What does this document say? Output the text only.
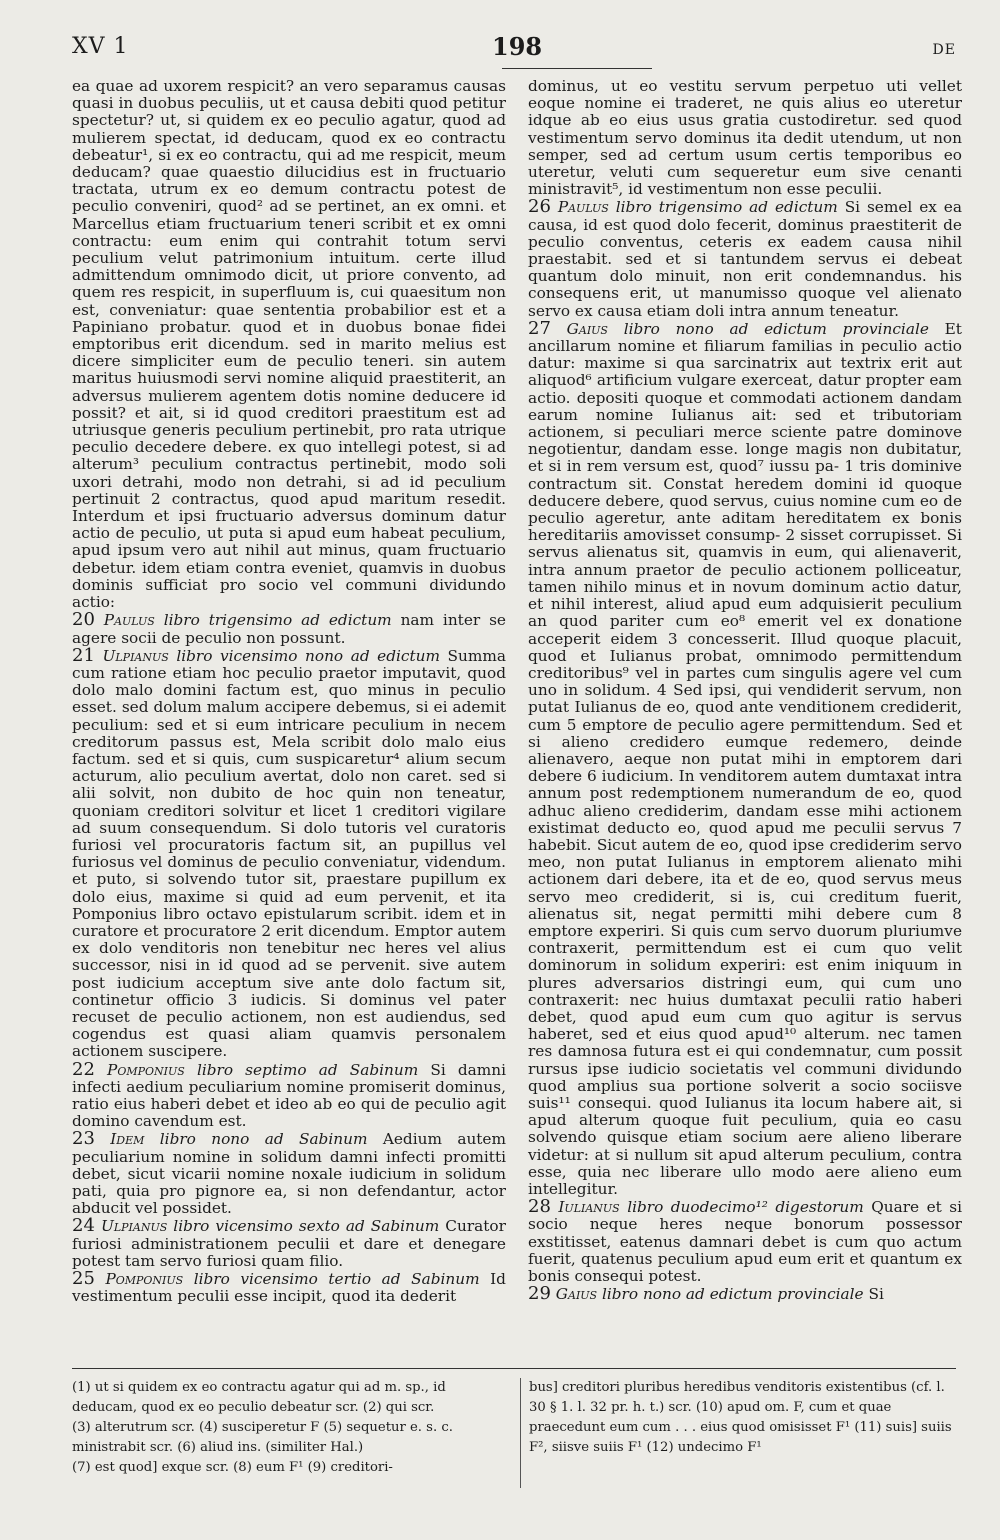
XV 1	198	DE

ea quae ad uxorem respicit? an vero separamus causas quasi in duobus peculiis, ut et causa debiti quod petitur spectetur? ut, si quidem ex eo peculio agatur, quod ad mulierem spectat, id deducam, quod ex eo contractu debeatur¹, si ex eo contractu, qui ad me respicit, meum deducam? quae quaestio dilucidius est in fructuario tractata, utrum ex eo demum contractu potest de peculio conveniri, quod² ad se pertinet, an ex omni. et Marcellus etiam fructuarium teneri scribit et ex omni contractu: eum enim qui contrahit totum servi peculium velut patrimonium intuitum. certe illud admittendum omnimodo dicit, ut priore convento, ad quem res respicit, in superfluum is, cui quaesitum non est, conveniatur: quae sententia probabilior est et a Papiniano probatur. quod et in duobus bonae fidei emptoribus erit dicendum. sed in marito melius est dicere simpliciter eum de peculio teneri. sin autem maritus huiusmodi servi nomine aliquid praestiterit, an adversus mulierem agentem dotis nomine deducere id possit? et ait, si id quod creditori praestitum est ad utriusque generis peculium pertinebit, pro rata utrique peculio decedere debere. ex quo intellegi potest, si ad alterum³ peculium contractus pertinebit, modo soli uxori detrahi, modo non detrahi, si ad id peculium pertinuit 2 contractus, quod apud maritum resedit. Interdum et ipsi fructuario adversus dominum datur actio de peculio, ut puta si apud eum habeat peculium, apud ipsum vero aut nihil aut minus, quam fructuario debetur. idem etiam contra eveniet, quamvis in duobus dominis sufficiat pro socio vel communi dividundo actio:

20 Paulus libro trigensimo ad edictum nam inter se agere socii de peculio non possunt.

21 Ulpianus libro vicensimo nono ad edictum Summa cum ratione etiam hoc peculio praetor imputavit, quod dolo malo domini factum est, quo minus in peculio esset. sed dolum malum accipere debemus, si ei ademit peculium: sed et si eum intricare peculium in necem creditorum passus est, Mela scribit dolo malo eius factum. sed et si quis, cum suspicaretur⁴ alium secum acturum, alio peculium avertat, dolo non caret. sed si alii solvit, non dubito de hoc quin non teneatur, quoniam creditori solvitur et licet 1 creditori vigilare ad suum consequendum. Si dolo tutoris vel curatoris furiosi vel procuratoris factum sit, an pupillus vel furiosus vel dominus de peculio conveniatur, videndum. et puto, si solvendo tutor sit, praestare pupillum ex dolo eius, maxime si quid ad eum pervenit, et ita Pomponius libro octavo epistularum scribit. idem et in curatore et procuratore 2 erit dicendum. Emptor autem ex dolo venditoris non tenebitur nec heres vel alius successor, nisi in id quod ad se pervenit. sive autem post iudicium acceptum sive ante dolo factum sit, continetur officio 3 iudicis. Si dominus vel pater recuset de peculio actionem, non est audiendus, sed cogendus est quasi aliam quamvis personalem actionem suscipere.

22 Pomponius libro septimo ad Sabinum Si damni infecti aedium peculiarium nomine promiserit dominus, ratio eius haberi debet et ideo ab eo qui de peculio agit domino cavendum est.

23 Idem libro nono ad Sabinum Aedium autem peculiarium nomine in solidum damni infecti promitti debet, sicut vicarii nomine noxale iudicium in solidum pati, quia pro pignore ea, si non defendantur, actor abducit vel possidet.

24 Ulpianus libro vicensimo sexto ad Sabinum Curator furiosi administrationem peculii et dare et denegare potest tam servo furiosi quam filio.

25 Pomponius libro vicensimo tertio ad Sabinum Id vestimentum peculii esse incipit, quod ita dederit

dominus, ut eo vestitu servum perpetuo uti vellet eoque nomine ei traderet, ne quis alius eo uteretur idque ab eo eius usus gratia custodiretur. sed quod vestimentum servo dominus ita dedit utendum, ut non semper, sed ad certum usum certis temporibus eo uteretur, veluti cum sequeretur eum sive cenanti ministravit⁵, id vestimentum non esse peculii.

26 Paulus libro trigensimo ad edictum Si semel ex ea causa, id est quod dolo fecerit, dominus praestiterit de peculio conventus, ceteris ex eadem causa nihil praestabit. sed et si tantundem servus ei debeat quantum dolo minuit, non erit condemnandus. his consequens erit, ut manumisso quoque vel alienato servo ex causa etiam doli intra annum teneatur.

27 Gaius libro nono ad edictum provinciale Et ancillarum nomine et filiarum familias in peculio actio datur: maxime si qua sarcinatrix aut textrix erit aut aliquod⁶ artificium vulgare exerceat, datur propter eam actio. depositi quoque et commodati actionem dandam earum nomine Iulianus ait: sed et tributoriam actionem, si peculiari merce sciente patre dominove negotientur, dandam esse. longe magis non dubitatur, et si in rem versum est, quod⁷ iussu pa- 1 tris dominive contractum sit. Constat heredem domini id quoque deducere debere, quod servus, cuius nomine cum eo de peculio ageretur, ante aditam hereditatem ex bonis hereditariis amovisset consump- 2 sisset corrupisset. Si servus alienatus sit, quamvis in eum, qui alienaverit, intra annum praetor de peculio actionem polliceatur, tamen nihilo minus et in novum dominum actio datur, et nihil interest, aliud apud eum adquisierit peculium an quod pariter cum eo⁸ emerit vel ex donatione acceperit eidem 3 concesserit. Illud quoque placuit, quod et Iulianus probat, omnimodo permittendum creditoribus⁹ vel in partes cum singulis agere vel cum uno in solidum. 4 Sed ipsi, qui vendiderit servum, non putat Iulianus de eo, quod ante venditionem crediderit, cum 5 emptore de peculio agere permittendum. Sed et si alieno credidero eumque redemero, deinde alienavero, aeque non putat mihi in emptorem dari debere 6 iudicium. In venditorem autem dumtaxat intra annum post redemptionem numerandum de eo, quod adhuc alieno crediderim, dandam esse mihi actionem existimat deducto eo, quod apud me peculii servus 7 habebit. Sicut autem de eo, quod ipse crediderim servo meo, non putat Iulianus in emptorem alienato mihi actionem dari debere, ita et de eo, quod servus meus servo meo crediderit, si is, cui creditum fuerit, alienatus sit, negat permitti mihi debere cum 8 emptore experiri. Si quis cum servo duorum pluriumve contraxerit, permittendum est ei cum quo velit dominorum in solidum experiri: est enim iniquum in plures adversarios distringi eum, qui cum uno contraxerit: nec huius dumtaxat peculii ratio haberi debet, quod apud eum cum quo agitur is servus haberet, sed et eius quod apud¹⁰ alterum. nec tamen res damnosa futura est ei qui condemnatur, cum possit rursus ipse iudicio societatis vel communi dividundo quod amplius sua portione solverit a socio sociisve suis¹¹ consequi. quod Iulianus ita locum habere ait, si apud alterum quoque fuit peculium, quia eo casu solvendo quisque etiam socium aere alieno liberare videtur: at si nullum sit apud alterum peculium, contra esse, quia nec liberare ullo modo aere alieno eum intellegitur.

28 Iulianus libro duodecimo¹² digestorum Quare et si socio neque heres neque bonorum possessor exstitisset, eatenus damnari debet is cum quo actum fuerit, quatenus peculium apud eum erit et quantum ex bonis consequi potest.

29 Gaius libro nono ad edictum provinciale Si

(1) ut si quidem ex eo contractu agatur qui ad m. sp., id deducam, quod ex eo peculio debeatur scr. (2) qui scr.
(3) alterutrum scr. (4) susciperetur F (5) sequetur e. s. c. ministrabit scr. (6) aliud ins. (similiter Hal.)
(7) est quod] exque scr. (8) eum F¹ (9) creditori-
bus] creditori pluribus heredibus venditoris existentibus (cf. l. 30 § 1. l. 32 pr. h. t.) scr. (10) apud om. F, cum et quae praecedunt eum cum . . . eius quod omisisset F¹ (11) suis] suiis F², siisve suiis F¹ (12) undecimo F¹
